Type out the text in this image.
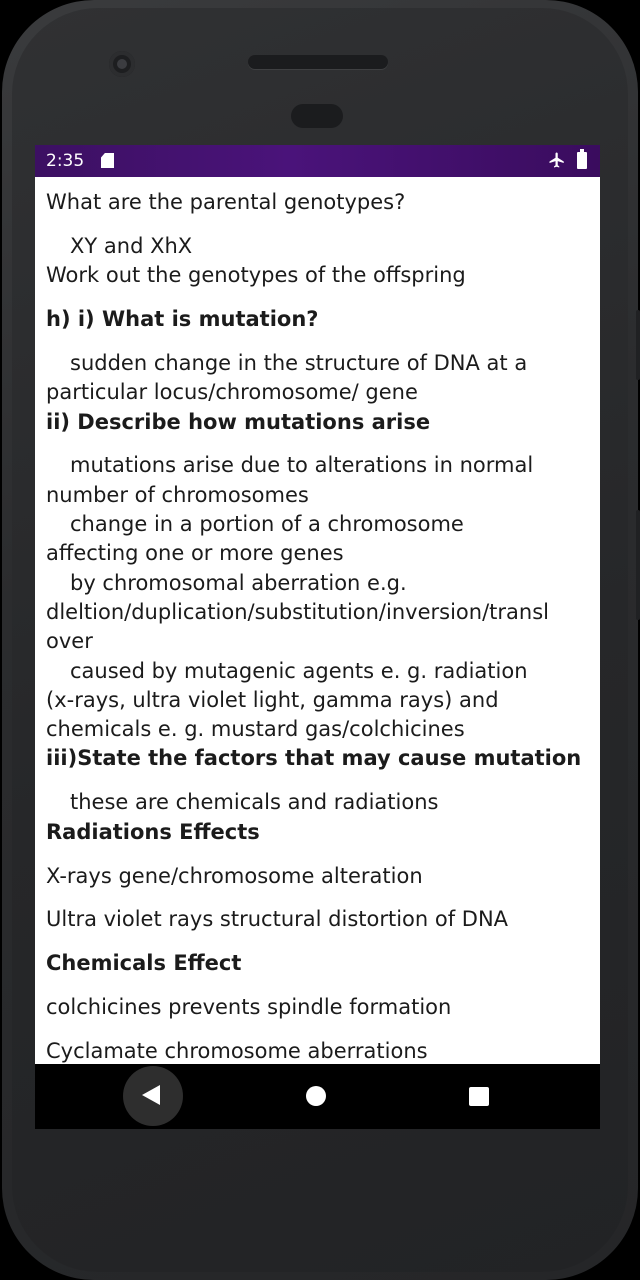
2:35

What are the parental genotypes?

XY and XhX

Work out the genotypes of the offspring

h) i) What is mutation?

sudden change in the structure of DNA at a

particular locus/chromosome/ gene

ii) Describe how mutations arise

mutations arise due to alterations in normal

number of chromosomes

change in a portion of a chromosome

affecting one or more genes

by chromosomal aberration e.g.

dleltion/duplication/substitution/inversion/transl

over

caused by mutagenic agents e. g. radiation

(x-rays, ultra violet light, gamma rays) and

chemicals e. g. mustard gas/colchicines

iii)State the factors that may cause mutation

these are chemicals and radiations

Radiations Effects

X-rays gene/chromosome alteration

Ultra violet rays structural distortion of DNA

Chemicals Effect

colchicines prevents spindle formation

Cyclamate chromosome aberrations
